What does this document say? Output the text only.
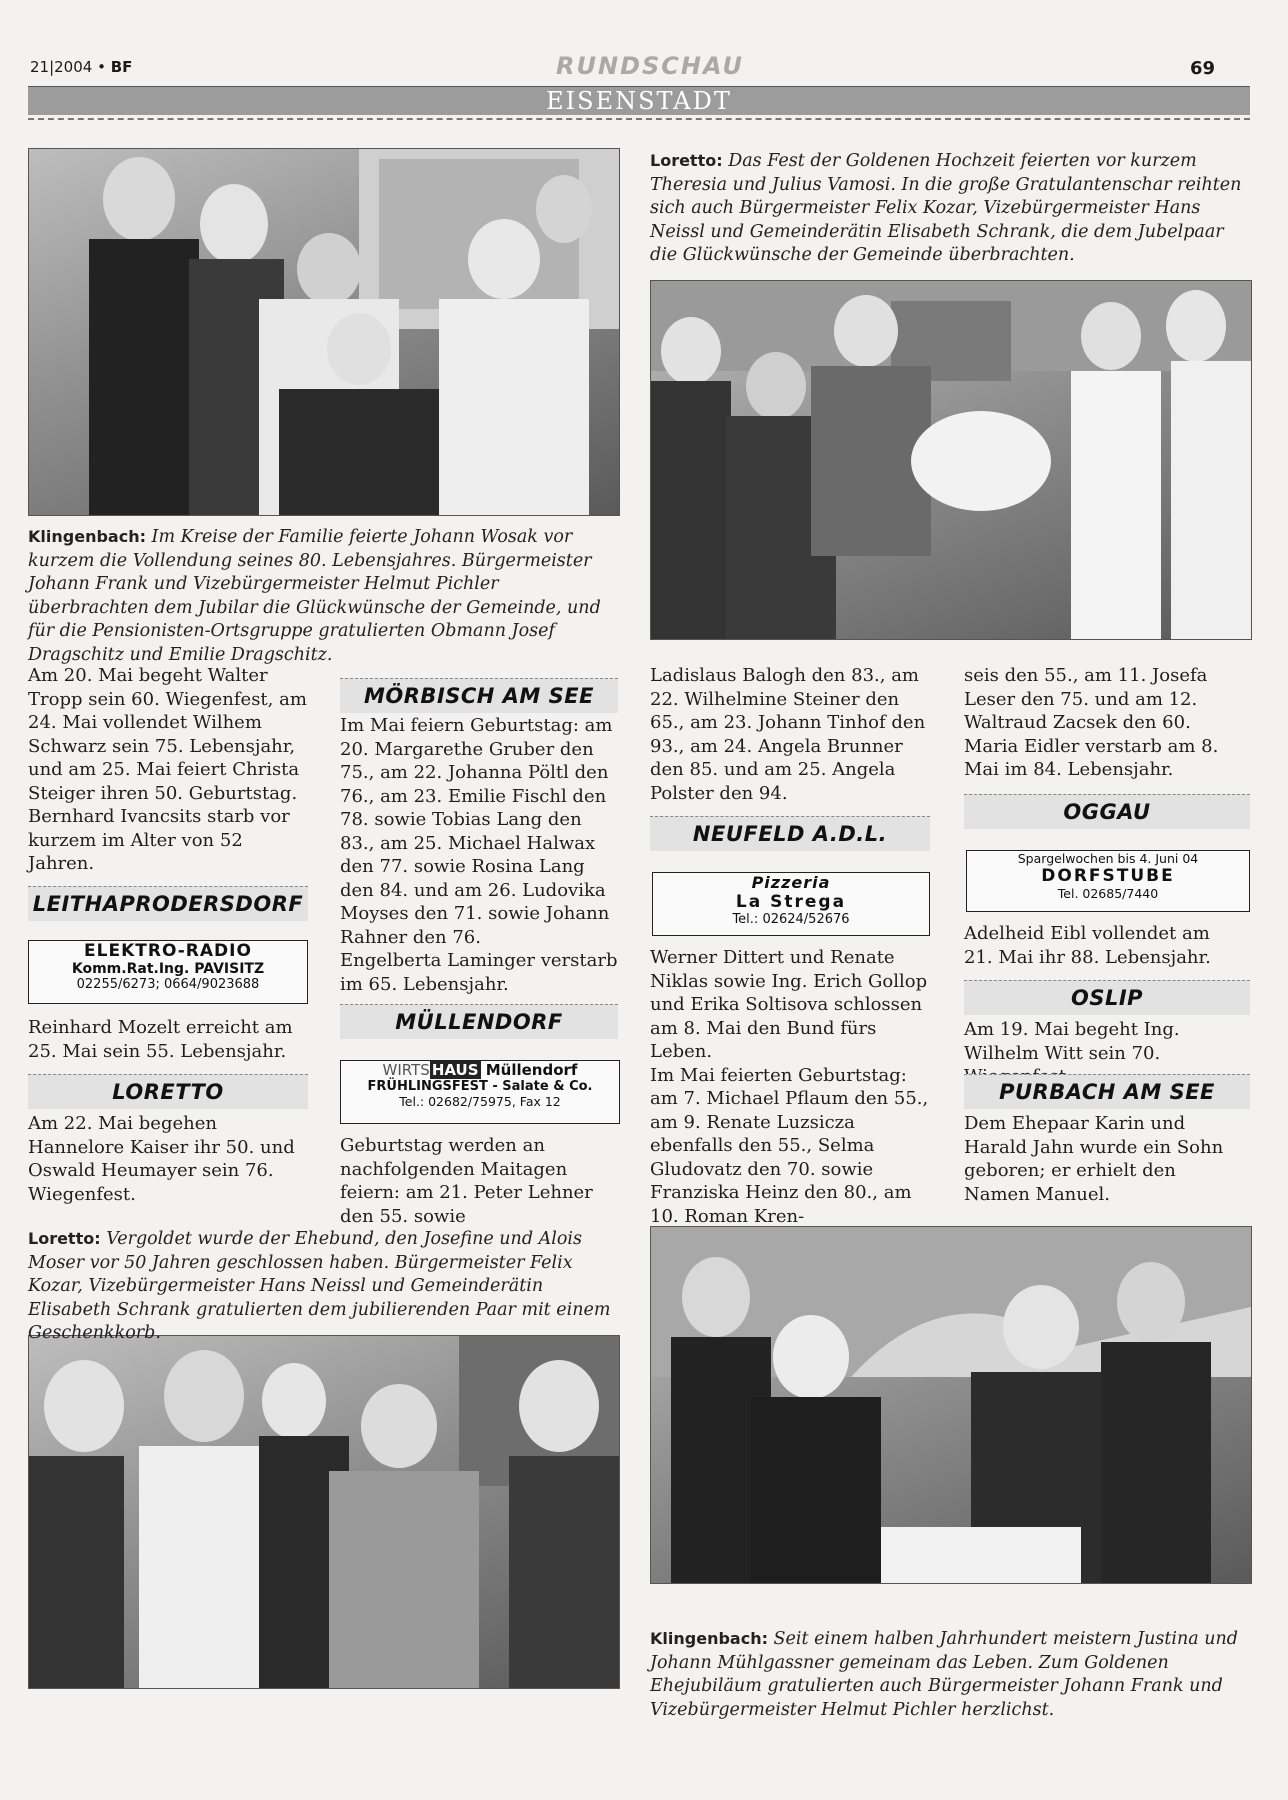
21|2004 • BF	RUNDSCHAU	69
EISENSTADT
Loretto: Das Fest der Goldenen Hochzeit feierten vor kurzem Theresia und Julius Vamosi. In die große Gratulantenschar reihten sich auch Bürgermeister Felix Kozar, Vizebürgermeister Hans Neissl und Gemeinderätin Elisabeth Schrank, die dem Jubelpaar die Glückwünsche der Gemeinde überbrachten.
Klingenbach: Im Kreise der Familie feierte Johann Wosak vor kurzem die Vollendung seines 80. Lebensjahres. Bürgermeister Johann Frank und Vizebürgermeister Helmut Pichler überbrachten dem Jubilar die Glückwünsche der Gemeinde, und für die Pensionisten-Ortsgruppe gratulierten Obmann Josef Dragschitz und Emilie Dragschitz.
Loretto: Vergoldet wurde der Ehebund, den Josefine und Alois Moser vor 50 Jahren geschlossen haben. Bürgermeister Felix Kozar, Vizebürgermeister Hans Neissl und Gemeinderätin Elisabeth Schrank gratulierten dem jubilierenden Paar mit einem Geschenkkorb.
Klingenbach: Seit einem halben Jahrhundert meistern Justina und Johann Mühlgassner gemeinam das Leben. Zum Goldenen Ehejubiläum gratulierten auch Bürgermeister Johann Frank und Vizebürgermeister Helmut Pichler herzlichst.

Am 20. Mai begeht Walter Tropp sein 60. Wiegenfest, am 24. Mai vollendet Wilhem Schwarz sein 75. Lebensjahr, und am 25. Mai feiert Christa Steiger ihren 50. Geburtstag. Bernhard Ivancsits starb vor kurzem im Alter von 52 Jahren.

LEITHAPRODERSDORF
ELEKTRO-RADIO
Komm.Rat.Ing. PAVISITZ
02255/6273; 0664/9023688

Reinhard Mozelt erreicht am 25. Mai sein 55. Lebensjahr.

LORETTO

Am 22. Mai begehen Hannelore Kaiser ihr 50. und Oswald Heumayer sein 76. Wiegenfest.

MÖRBISCH AM SEE

Im Mai feiern Geburtstag: am 20. Margarethe Gruber den 75., am 22. Johanna Pöltl den 76., am 23. Emilie Fischl den 78. sowie Tobias Lang den 83., am 25. Michael Halwax den 77. sowie Rosina Lang den 84. und am 26. Ludovika Moyses den 71. sowie Johann Rahner den 76.

Engelberta Laminger verstarb im 65. Lebensjahr.

MÜLLENDORF
WIRTS HAUS Müllendorf
FRÜHLINGSFEST - Salate & Co.
Tel.: 02682/75975, Fax 12

Geburtstag werden an nachfolgenden Maitagen feiern: am 21. Peter Lehner den 55. sowie

Ladislaus Balogh den 83., am 22. Wilhelmine Steiner den 65., am 23. Johann Tinhof den 93., am 24. Angela Brunner den 85. und am 25. Angela Polster den 94.

NEUFELD A.D.L.
Pizzeria
La Strega
Tel.: 02624/52676

Werner Dittert und Renate Niklas sowie Ing. Erich Gollop und Erika Soltisova schlossen am 8. Mai den Bund fürs Leben.

Im Mai feierten Geburtstag: am 7. Michael Pflaum den 55., am 9. Renate Luzsicza ebenfalls den 55., Selma Gludovatz den 70. sowie Franziska Heinz den 80., am 10. Roman Kren-

seis den 55., am 11. Josefa Leser den 75. und am 12. Waltraud Zacsek den 60.

Maria Eidler verstarb am 8. Mai im 84. Lebensjahr.

OGGAU
Spargelwochen bis 4. Juni 04
DORFSTUBE
Tel. 02685/7440

Adelheid Eibl vollendet am 21. Mai ihr 88. Lebensjahr.

OSLIP

Am 19. Mai begeht Ing. Wilhelm Witt sein 70.

PURBACH AM SEE

Dem Ehepaar Karin und Harald Jahn wurde ein Sohn geboren; er erhielt den Namen Manuel.
